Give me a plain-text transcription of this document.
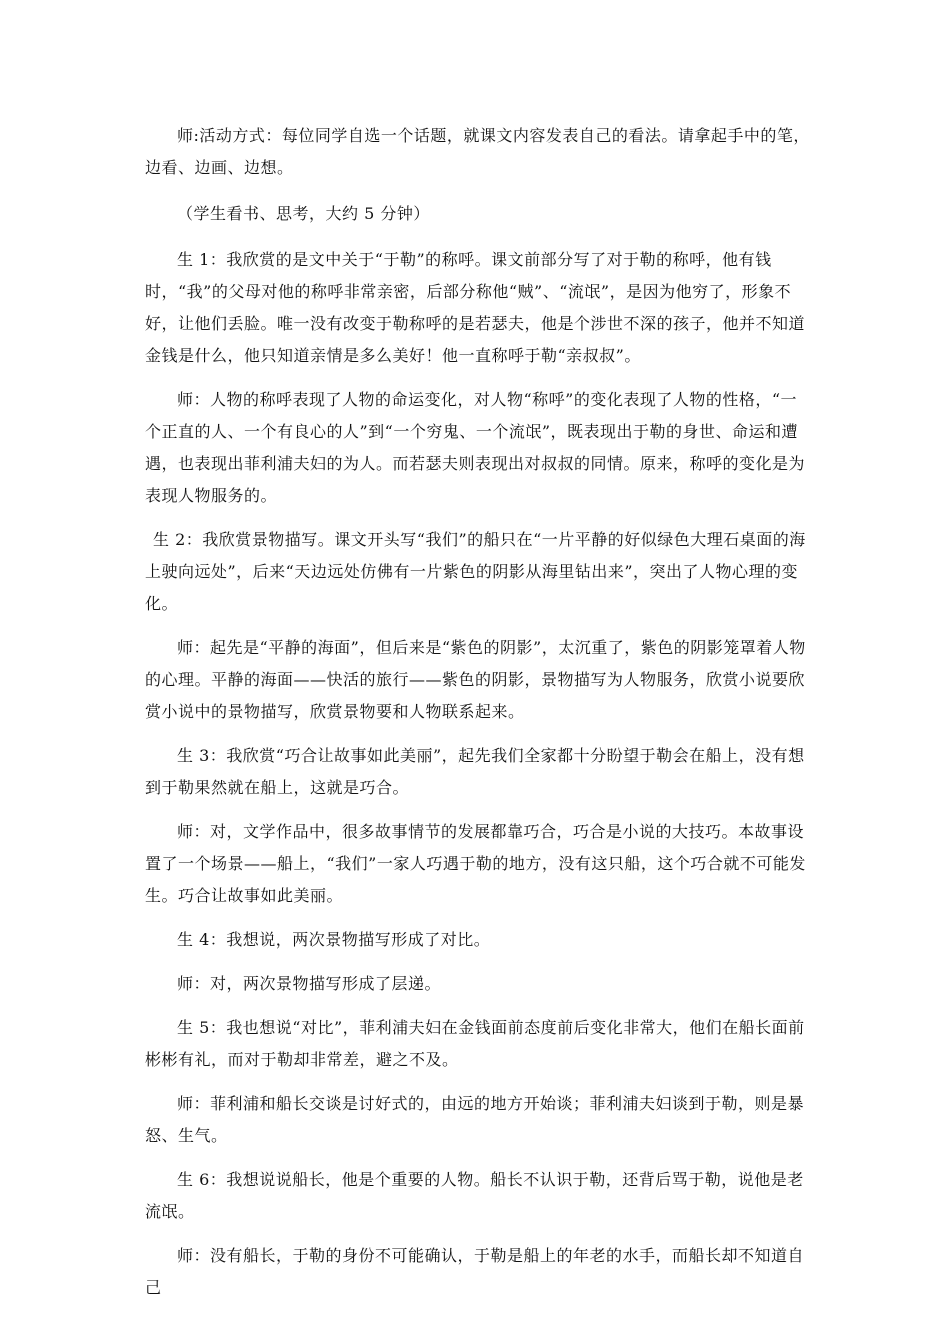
师:活动方式：每位同学自选一个话题，就课文内容发表自己的看法。请拿起手中的笔，边看、边画、边想。

（学生看书、思考，大约 5 分钟）

生 1：我欣赏的是文中关于“于勒”的称呼。课文前部分写了对于勒的称呼，他有钱时，“我”的父母对他的称呼非常亲密，后部分称他“贼”、“流氓”，是因为他穷了，形象不好，让他们丢脸。唯一没有改变于勒称呼的是若瑟夫，他是个涉世不深的孩子，他并不知道金钱是什么，他只知道亲情是多么美好！他一直称呼于勒“亲叔叔”。

师：人物的称呼表现了人物的命运变化，对人物“称呼”的变化表现了人物的性格，“一个正直的人、一个有良心的人”到“一个穷鬼、一个流氓”，既表现出于勒的身世、命运和遭遇，也表现出菲利浦夫妇的为人。而若瑟夫则表现出对叔叔的同情。原来，称呼的变化是为表现人物服务的。

生 2：我欣赏景物描写。课文开头写“我们”的船只在“一片平静的好似绿色大理石桌面的海上驶向远处”，后来“天边远处仿佛有一片紫色的阴影从海里钻出来”，突出了人物心理的变化。

师：起先是“平静的海面”，但后来是“紫色的阴影”，太沉重了，紫色的阴影笼罩着人物的心理。平静的海面——快活的旅行——紫色的阴影，景物描写为人物服务，欣赏小说要欣赏小说中的景物描写，欣赏景物要和人物联系起来。

生 3：我欣赏“巧合让故事如此美丽”，起先我们全家都十分盼望于勒会在船上，没有想到于勒果然就在船上，这就是巧合。

师：对，文学作品中，很多故事情节的发展都靠巧合，巧合是小说的大技巧。本故事设置了一个场景——船上，“我们”一家人巧遇于勒的地方，没有这只船，这个巧合就不可能发生。巧合让故事如此美丽。

生 4：我想说，两次景物描写形成了对比。

师：对，两次景物描写形成了层递。

生 5：我也想说“对比”，菲利浦夫妇在金钱面前态度前后变化非常大，他们在船长面前彬彬有礼，而对于勒却非常差，避之不及。

师：菲利浦和船长交谈是讨好式的，由远的地方开始谈；菲利浦夫妇谈到于勒，则是暴怒、生气。

生 6：我想说说船长，他是个重要的人物。船长不认识于勒，还背后骂于勒，说他是老流氓。

师：没有船长，于勒的身份不可能确认，于勒是船上的年老的水手，而船长却不知道自己
